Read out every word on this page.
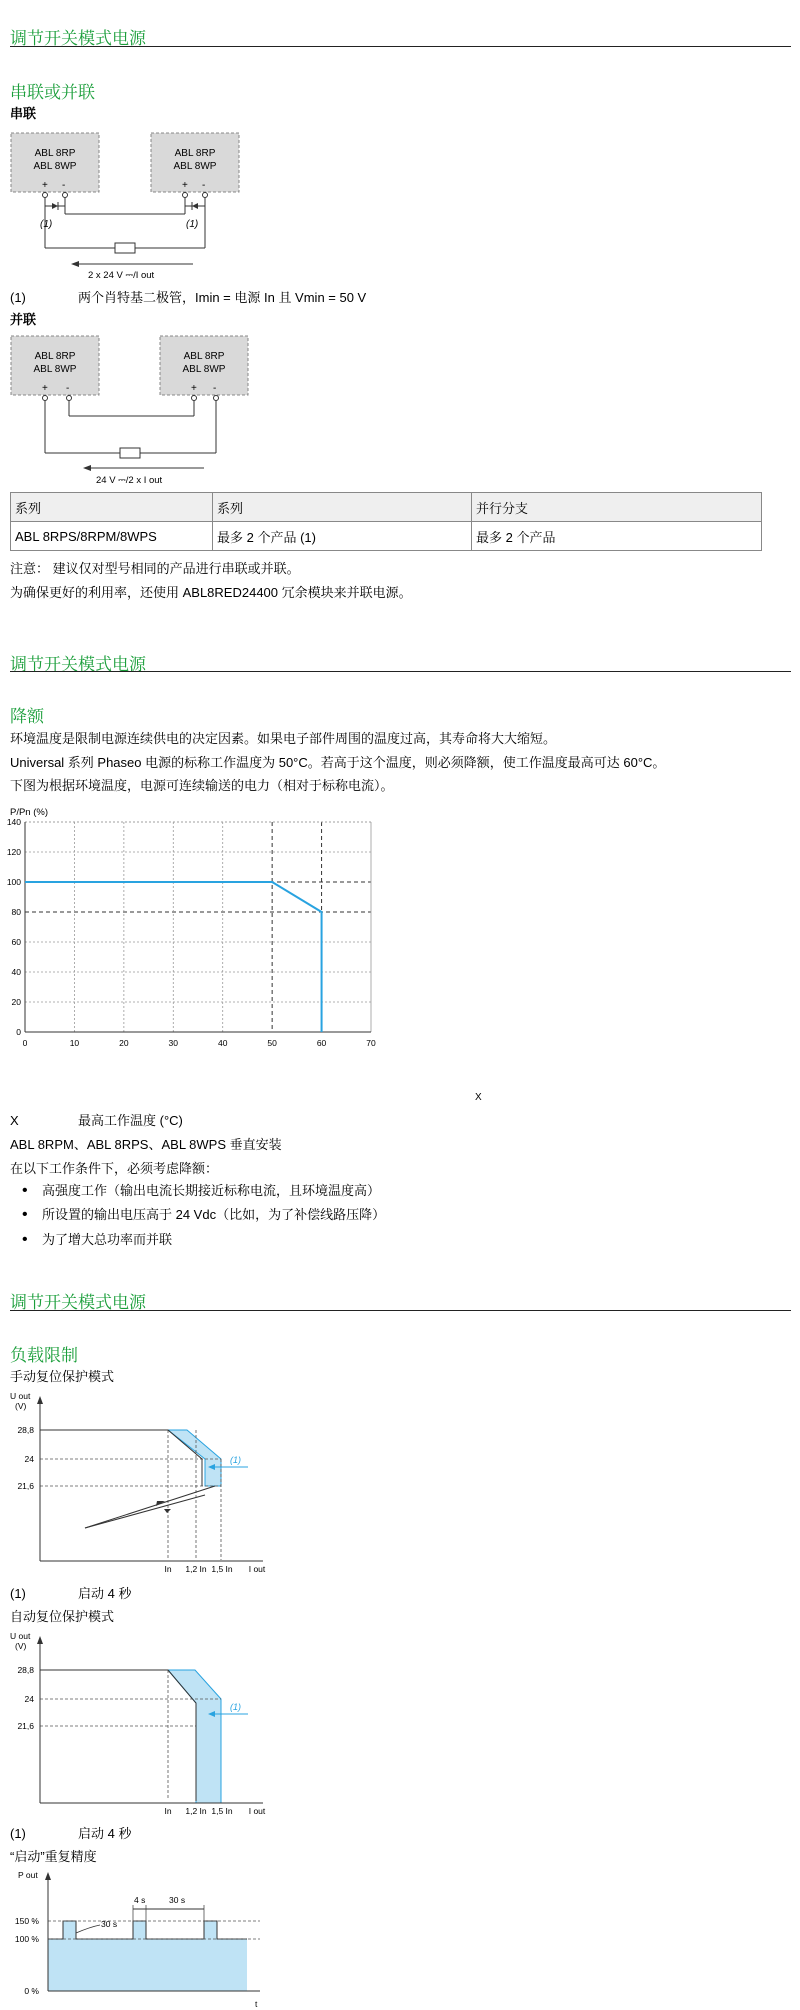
调节开关模式电源
串联或并联
串联
ABL 8RP
ABL 8WP
ABL 8RP
ABL 8WP
+ -	+ -
(1)	(1)
2 x 24 V ⎓/I out
(1)	两个肖特基二极管，Imin = 电源 In 且 Vmin = 50 V
并联
ABL 8RP
ABL 8WP
ABL 8RP
ABL 8WP
+ -	+ -
24 V ⎓/2 x I out
系列	系列	并行分支
ABL 8RPS/8RPM/8WPS	最多 2 个产品 (1)	最多 2 个产品
注意： 建议仅对型号相同的产品进行串联或并联。
为确保更好的利用率，还使用 ABL8RED24400 冗余模块来并联电源。
调节开关模式电源
降额
环境温度是限制电源连续供电的决定因素。如果电子部件周围的温度过高，其寿命将大大缩短。
Universal 系列 Phaseo 电源的标称工作温度为 50°C。若高于这个温度，则必须降额，使工作温度最高可达 60°C。
下图为根据环境温度，电源可连续输送的电力（相对于标称电流）。
P/Pn (%)
X
0
20
40
60
80
100
120
140
0	10	20	30	40	50	60	70
X	最高工作温度 (°C)
ABL 8RPM、ABL 8RPS、ABL 8WPS 垂直安装
在以下工作条件下，必须考虑降额：
• 高强度工作（输出电流长期接近标称电流，且环境温度高）
• 所设置的输出电压高于 24 Vdc（比如，为了补偿线路压降）
• 为了增大总功率而并联
调节开关模式电源
负载限制
手动复位保护模式
U out
(V)
(1)
28,8
24
21,6
In 1,2 In 1,5 In I out
(1)	启动 4 秒
自动复位保护模式
U out
(V)
(1)
28,8
24
21,6
In 1,2 In 1,5 In I out
(1)	启动 4 秒
“启动”重复精度
P out
4 s	30 s
30 s
150 %
100 %
0 %
t
